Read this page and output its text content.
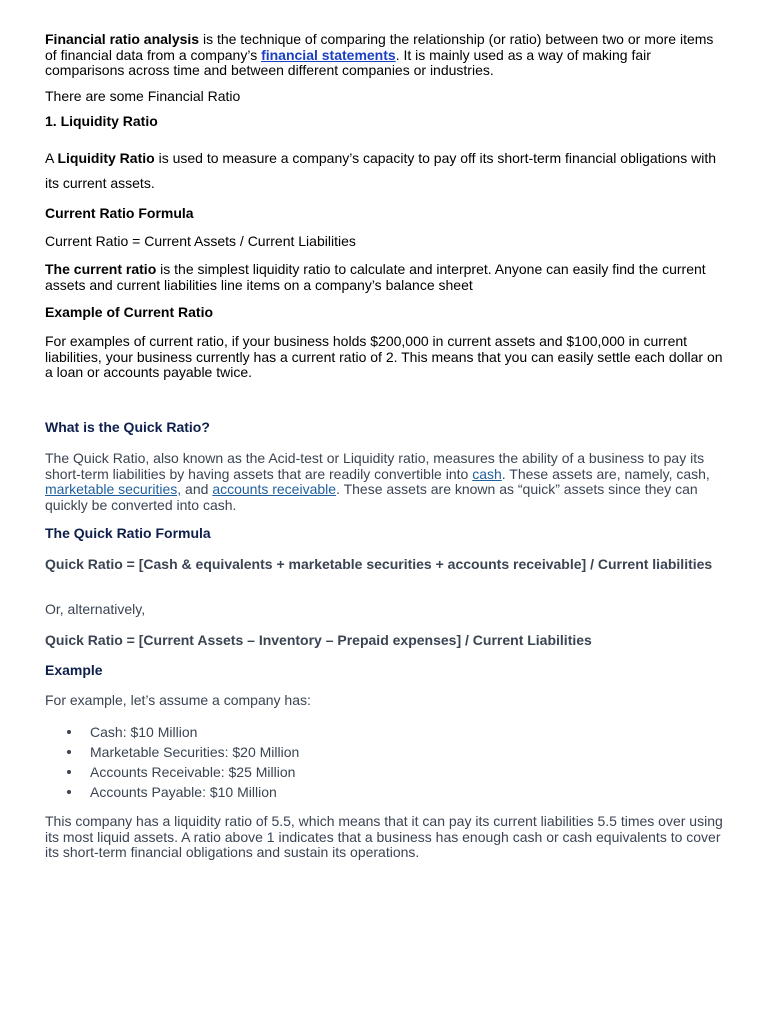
Financial ratio analysis is the technique of comparing the relationship (or ratio) between two or more items of financial data from a company’s financial statements. It is mainly used as a way of making fair comparisons across time and between different companies or industries.

There are some Financial Ratio

1. Liquidity Ratio

A Liquidity Ratio is used to measure a company’s capacity to pay off its short-term financial obligations with its current assets.

Current Ratio Formula

Current Ratio = Current Assets / Current Liabilities

The current ratio is the simplest liquidity ratio to calculate and interpret. Anyone can easily find the current assets and current liabilities line items on a company’s balance sheet

Example of Current Ratio

For examples of current ratio, if your business holds $200,000 in current assets and $100,000 in current liabilities, your business currently has a current ratio of 2. This means that you can easily settle each dollar on a loan or accounts payable twice.

What is the Quick Ratio?

The Quick Ratio, also known as the Acid-test or Liquidity ratio, measures the ability of a business to pay its short-term liabilities by having assets that are readily convertible into cash. These assets are, namely, cash, marketable securities, and accounts receivable. These assets are known as “quick” assets since they can quickly be converted into cash.

The Quick Ratio Formula

Quick Ratio = [Cash & equivalents + marketable securities + accounts receivable] / Current liabilities

Or, alternatively,

Quick Ratio = [Current Assets – Inventory – Prepaid expenses] / Current Liabilities

Example

For example, let’s assume a company has:

Cash: $10 Million
Marketable Securities: $20 Million
Accounts Receivable: $25 Million
Accounts Payable: $10 Million

This company has a liquidity ratio of 5.5, which means that it can pay its current liabilities 5.5 times over using its most liquid assets. A ratio above 1 indicates that a business has enough cash or cash equivalents to cover its short-term financial obligations and sustain its operations.
